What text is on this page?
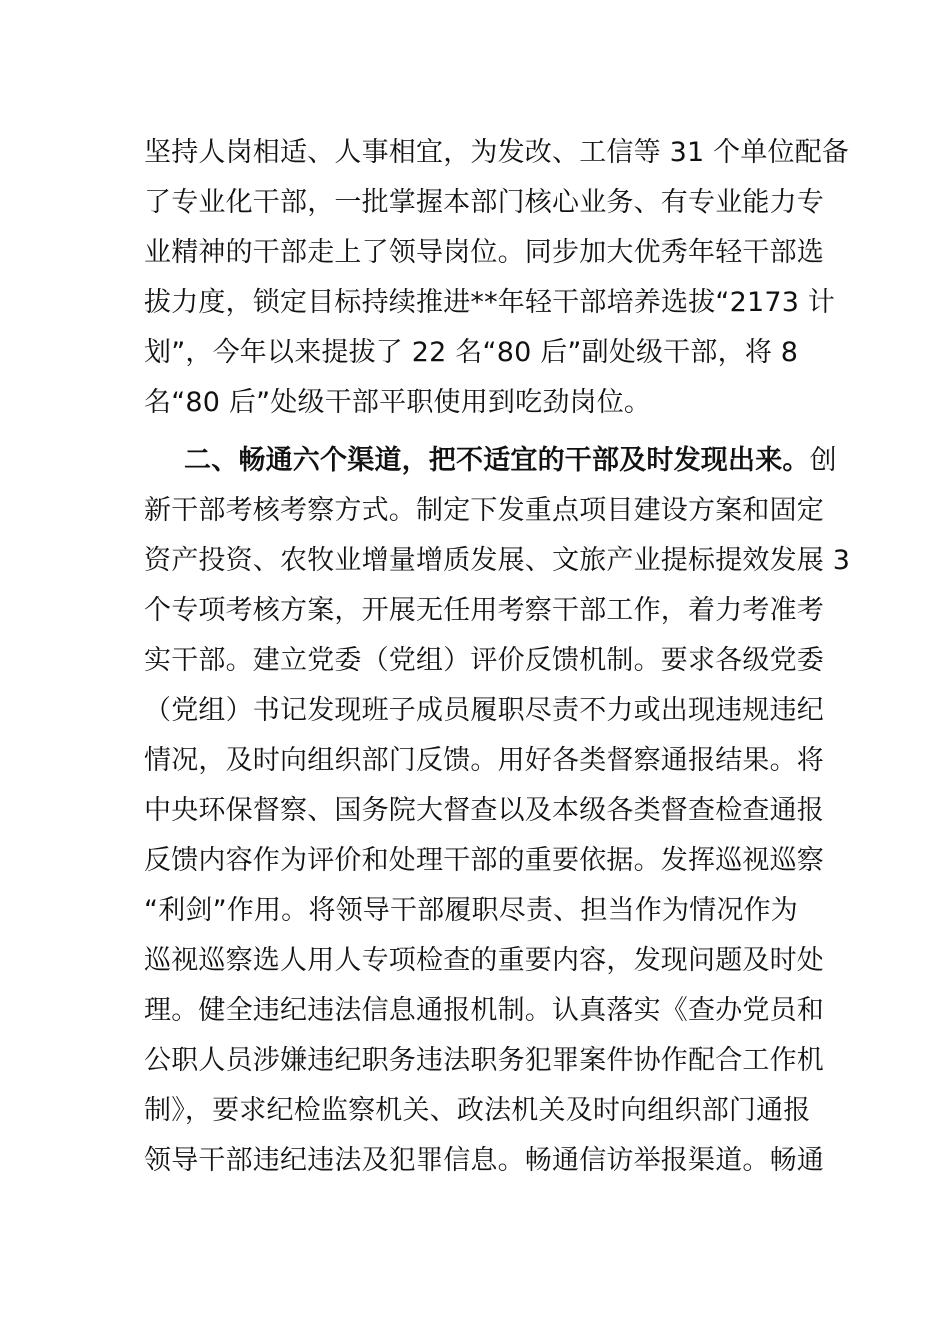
坚持人岗相适、人事相宜，为发改、工信等 31 个单位配备
了专业化干部，一批掌握本部门核心业务、有专业能力专
业精神的干部走上了领导岗位。同步加大优秀年轻干部选
拔力度，锁定目标持续推进**年轻干部培养选拔“2173 计
划”，今年以来提拔了 22 名“80 后”副处级干部，将 8
名“80 后”处级干部平职使用到吃劲岗位。
二、畅通六个渠道，把不适宜的干部及时发现出来。创
新干部考核考察方式。制定下发重点项目建设方案和固定
资产投资、农牧业增量增质发展、文旅产业提标提效发展 3
个专项考核方案，开展无任用考察干部工作，着力考准考
实干部。建立党委（党组）评价反馈机制。要求各级党委
（党组）书记发现班子成员履职尽责不力或出现违规违纪
情况，及时向组织部门反馈。用好各类督察通报结果。将
中央环保督察、国务院大督查以及本级各类督查检查通报
反馈内容作为评价和处理干部的重要依据。发挥巡视巡察
“利剑”作用。将领导干部履职尽责、担当作为情况作为
巡视巡察选人用人专项检查的重要内容，发现问题及时处
理。健全违纪违法信息通报机制。认真落实《查办党员和
公职人员涉嫌违纪职务违法职务犯罪案件协作配合工作机
制》，要求纪检监察机关、政法机关及时向组织部门通报
领导干部违纪违法及犯罪信息。畅通信访举报渠道。畅通
